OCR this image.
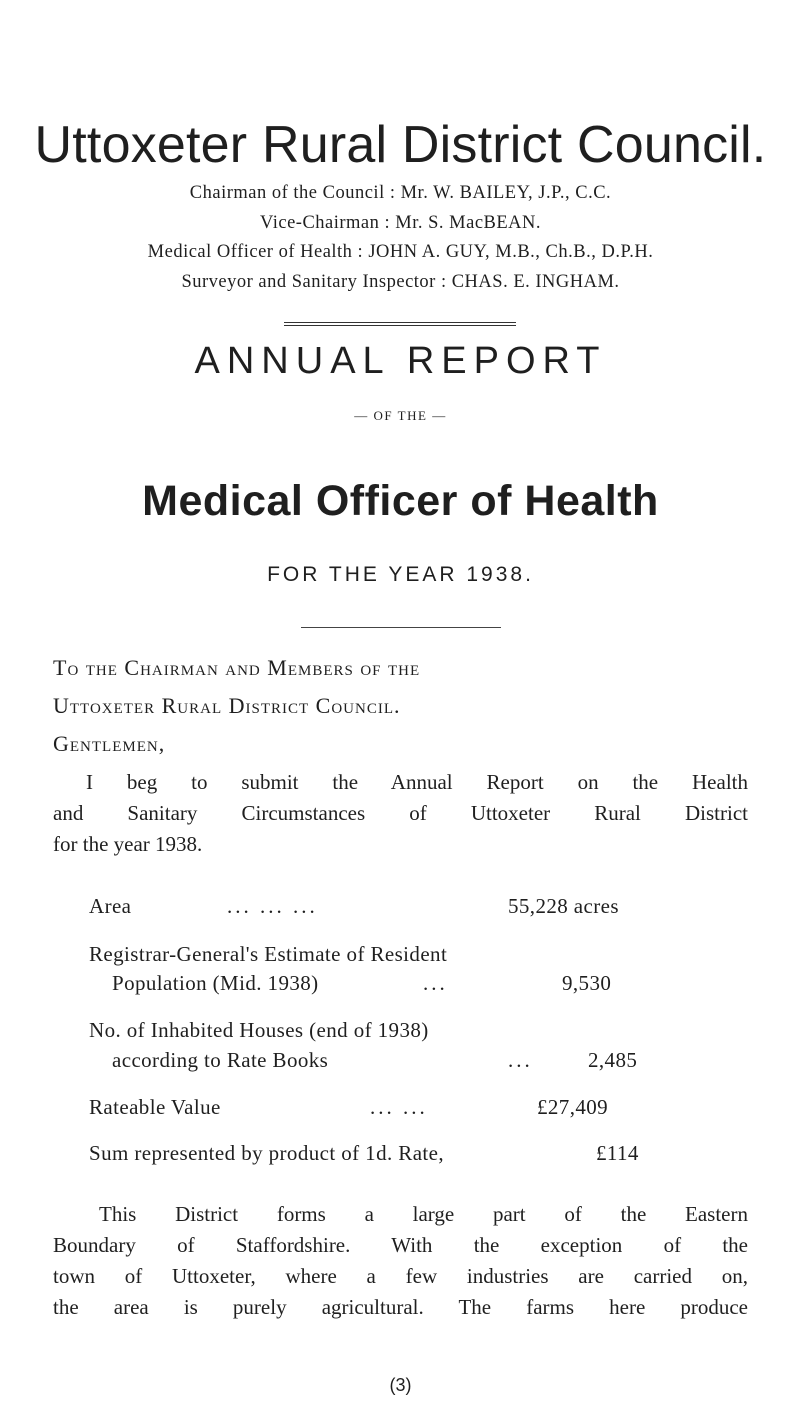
Uttoxeter Rural District Council.
Chairman of the Council : Mr. W. BAILEY, J.P., C.C.
Vice-Chairman : Mr. S. MacBEAN.
Medical Officer of Health : JOHN A. GUY, M.B., Ch.B., D.P.H.
Surveyor and Sanitary Inspector : CHAS. E. INGHAM.
ANNUAL REPORT
— OF THE —
Medical Officer of Health
FOR THE YEAR 1938.
To the Chairman and Members of the
Uttoxeter Rural District Council.
Gentlemen,
I beg to submit the Annual Report on the Health
and Sanitary Circumstances of Uttoxeter Rural District
for the year 1938.
Area	... ... ...	55,228 acres
Registrar-General's Estimate of Resident
Population (Mid. 1938)	...	9,530
No. of Inhabited Houses (end of 1938)
according to Rate Books	...	2,485
Rateable Value	... ...	£27,409
Sum represented by product of 1d. Rate,	£114
This District forms a large part of the Eastern
Boundary of Staffordshire. With the exception of the
town of Uttoxeter, where a few industries are carried on,
the area is purely agricultural. The farms here produce
(3)
